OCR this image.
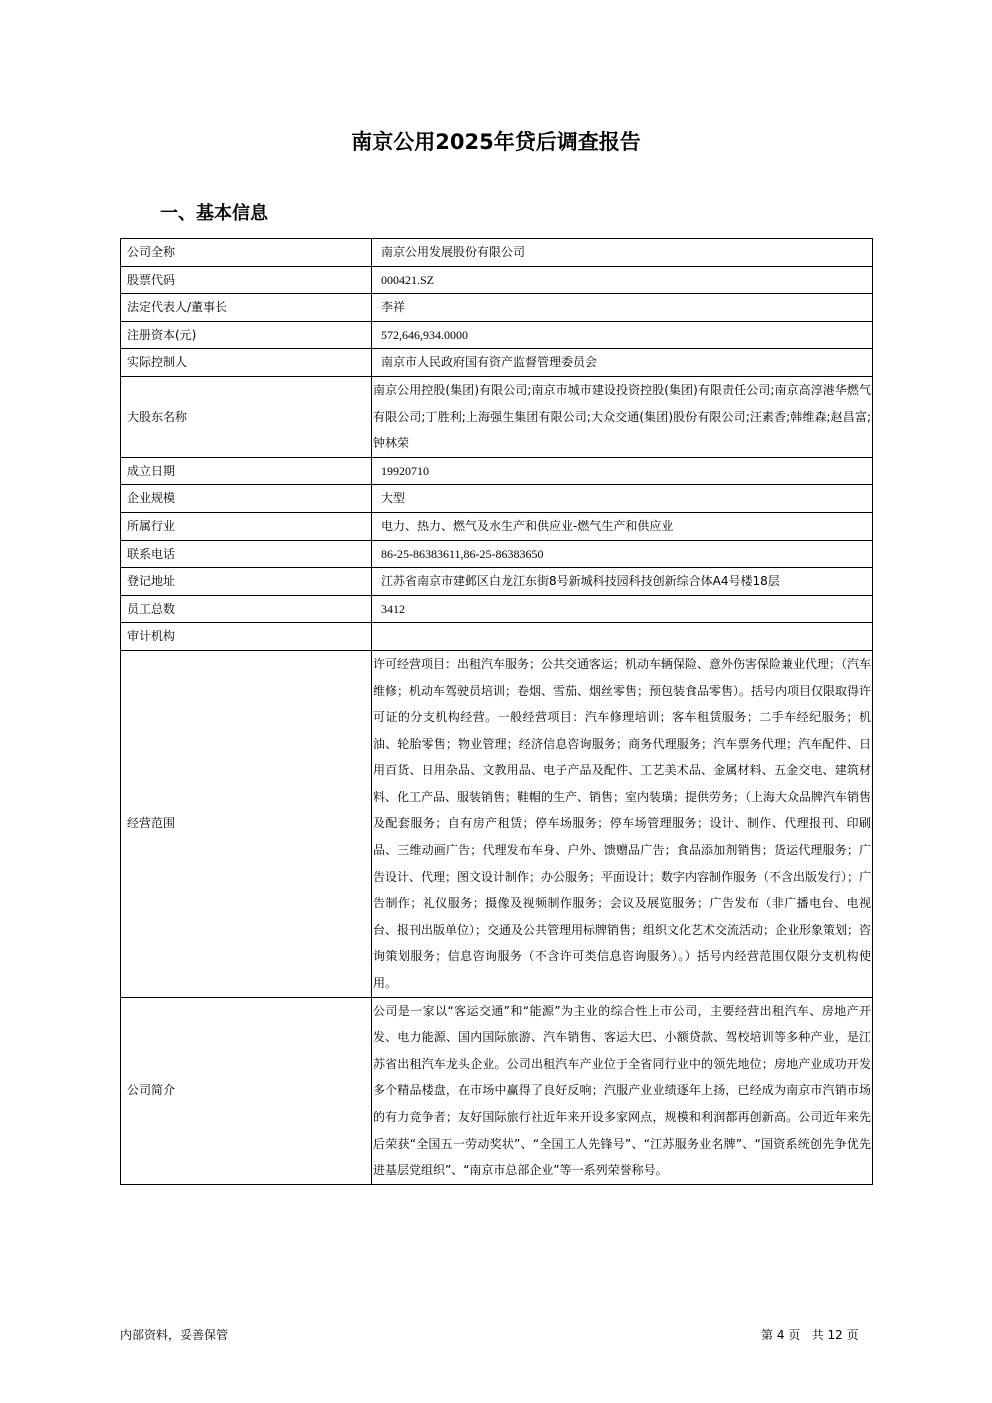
南京公用2025年贷后调查报告
一、基本信息
公司全称	南京公用发展股份有限公司
股票代码	000421.SZ
法定代表人/董事长	李祥
注册资本(元)	572,646,934.0000
实际控制人	南京市人民政府国有资产监督管理委员会
大股东名称	南京公用控股(集团)有限公司;南京市城市建设投资控股(集团)有限责任公司;南京高淳港华燃气有限公司;丁胜利;上海强生集团有限公司;大众交通(集团)股份有限公司;汪素香;韩维森;赵昌富;钟林荣
成立日期	19920710
企业规模	大型
所属行业	电力、热力、燃气及水生产和供应业-燃气生产和供应业
联系电话	86-25-86383611,86-25-86383650
登记地址	江苏省南京市建邺区白龙江东街8号新城科技园科技创新综合体A4号楼18层
员工总数	3412
审计机构	
经营范围	许可经营项目：出租汽车服务；公共交通客运；机动车辆保险、意外伤害保险兼业代理；（汽车维修；机动车驾驶员培训；卷烟、雪茄、烟丝零售；预包装食品零售）。括号内项目仅限取得许可证的分支机构经营。一般经营项目：汽车修理培训；客车租赁服务；二手车经纪服务；机油、轮胎零售；物业管理；经济信息咨询服务；商务代理服务；汽车票务代理；汽车配件、日用百货、日用杂品、文教用品、电子产品及配件、工艺美术品、金属材料、五金交电、建筑材料、化工产品、服装销售；鞋帽的生产、销售；室内装璜；提供劳务；（上海大众品牌汽车销售及配套服务；自有房产租赁；停车场服务；停车场管理服务；设计、制作、代理报刊、印刷品、三维动画广告；代理发布车身、户外、馈赠品广告；食品添加剂销售；货运代理服务；广告设计、代理；图文设计制作；办公服务；平面设计；数字内容制作服务（不含出版发行）；广告制作；礼仪服务；摄像及视频制作服务；会议及展览服务；广告发布（非广播电台、电视台、报刊出版单位）；交通及公共管理用标牌销售；组织文化艺术交流活动；企业形象策划；咨询策划服务；信息咨询服务（不含许可类信息咨询服务）。）括号内经营范围仅限分支机构使用。
公司简介	公司是一家以“客运交通”和“能源”为主业的综合性上市公司，主要经营出租汽车、房地产开发、电力能源、国内国际旅游、汽车销售、客运大巴、小额贷款、驾校培训等多种产业，是江苏省出租汽车龙头企业。公司出租汽车产业位于全省同行业中的领先地位；房地产业成功开发多个精品楼盘，在市场中赢得了良好反响；汽服产业业绩逐年上扬，已经成为南京市汽销市场的有力竞争者；友好国际旅行社近年来开设多家网点，规模和利润都再创新高。公司近年来先后荣获“全国五一劳动奖状”、“全国工人先锋号”、“江苏服务业名牌”、“国资系统创先争优先进基层党组织”、“南京市总部企业”等一系列荣誉称号。
内部资料，妥善保管	第 4 页   共 12 页
